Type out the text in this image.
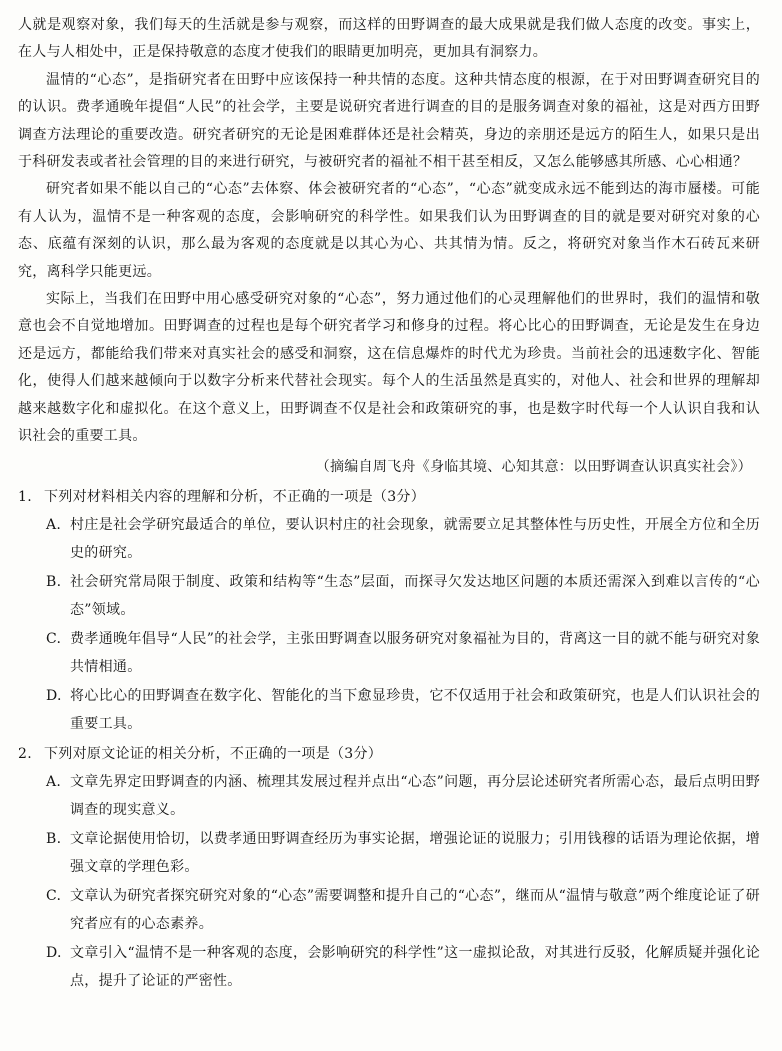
人就是观察对象，我们每天的生活就是参与观察，而这样的田野调查的最大成果就是我们做人态度的改变。事实上，在人与人相处中，正是保持敬意的态度才使我们的眼睛更加明亮，更加具有洞察力。

温情的“心态”，是指研究者在田野中应该保持一种共情的态度。这种共情态度的根源，在于对田野调查研究目的的认识。费孝通晚年提倡“人民”的社会学，主要是说研究者进行调查的目的是服务调查对象的福祉，这是对西方田野调查方法理论的重要改造。研究者研究的无论是困难群体还是社会精英，身边的亲朋还是远方的陌生人，如果只是出于科研发表或者社会管理的目的来进行研究，与被研究者的福祉不相干甚至相反，又怎么能够感其所感、心心相通？

研究者如果不能以自己的“心态”去体察、体会被研究者的“心态”，“心态”就变成永远不能到达的海市蜃楼。可能有人认为，温情不是一种客观的态度，会影响研究的科学性。如果我们认为田野调查的目的就是要对研究对象的心态、底蕴有深刻的认识，那么最为客观的态度就是以其心为心、共其情为情。反之，将研究对象当作木石砖瓦来研究，离科学只能更远。

实际上，当我们在田野中用心感受研究对象的“心态”，努力通过他们的心灵理解他们的世界时，我们的温情和敬意也会不自觉地增加。田野调查的过程也是每个研究者学习和修身的过程。将心比心的田野调查，无论是发生在身边还是远方，都能给我们带来对真实社会的感受和洞察，这在信息爆炸的时代尤为珍贵。当前社会的迅速数字化、智能化，使得人们越来越倾向于以数字分析来代替社会现实。每个人的生活虽然是真实的，对他人、社会和世界的理解却越来越数字化和虚拟化。在这个意义上，田野调查不仅是社会和政策研究的事，也是数字时代每一个人认识自我和认识社会的重要工具。

（摘编自周飞舟《身临其境、心知其意：以田野调查认识真实社会》）
1. 下列对材料相关内容的理解和分析，不正确的一项是（3分）
A. 村庄是社会学研究最适合的单位，要认识村庄的社会现象，就需要立足其整体性与历史性，开展全方位和全历史的研究。
B. 社会研究常局限于制度、政策和结构等“生态”层面，而探寻欠发达地区问题的本质还需深入到难以言传的“心态”领域。
C. 费孝通晚年倡导“人民”的社会学，主张田野调查以服务研究对象福祉为目的，背离这一目的就不能与研究对象共情相通。
D. 将心比心的田野调查在数字化、智能化的当下愈显珍贵，它不仅适用于社会和政策研究，也是人们认识社会的重要工具。
2. 下列对原文论证的相关分析，不正确的一项是（3分）
A. 文章先界定田野调查的内涵、梳理其发展过程并点出“心态”问题，再分层论述研究者所需心态，最后点明田野调查的现实意义。
B. 文章论据使用恰切，以费孝通田野调查经历为事实论据，增强论证的说服力；引用钱穆的话语为理论依据，增强文章的学理色彩。
C. 文章认为研究者探究研究对象的“心态”需要调整和提升自己的“心态”，继而从“温情与敬意”两个维度论证了研究者应有的心态素养。
D. 文章引入“温情不是一种客观的态度，会影响研究的科学性”这一虚拟论敌，对其进行反驳，化解质疑并强化论点，提升了论证的严密性。
